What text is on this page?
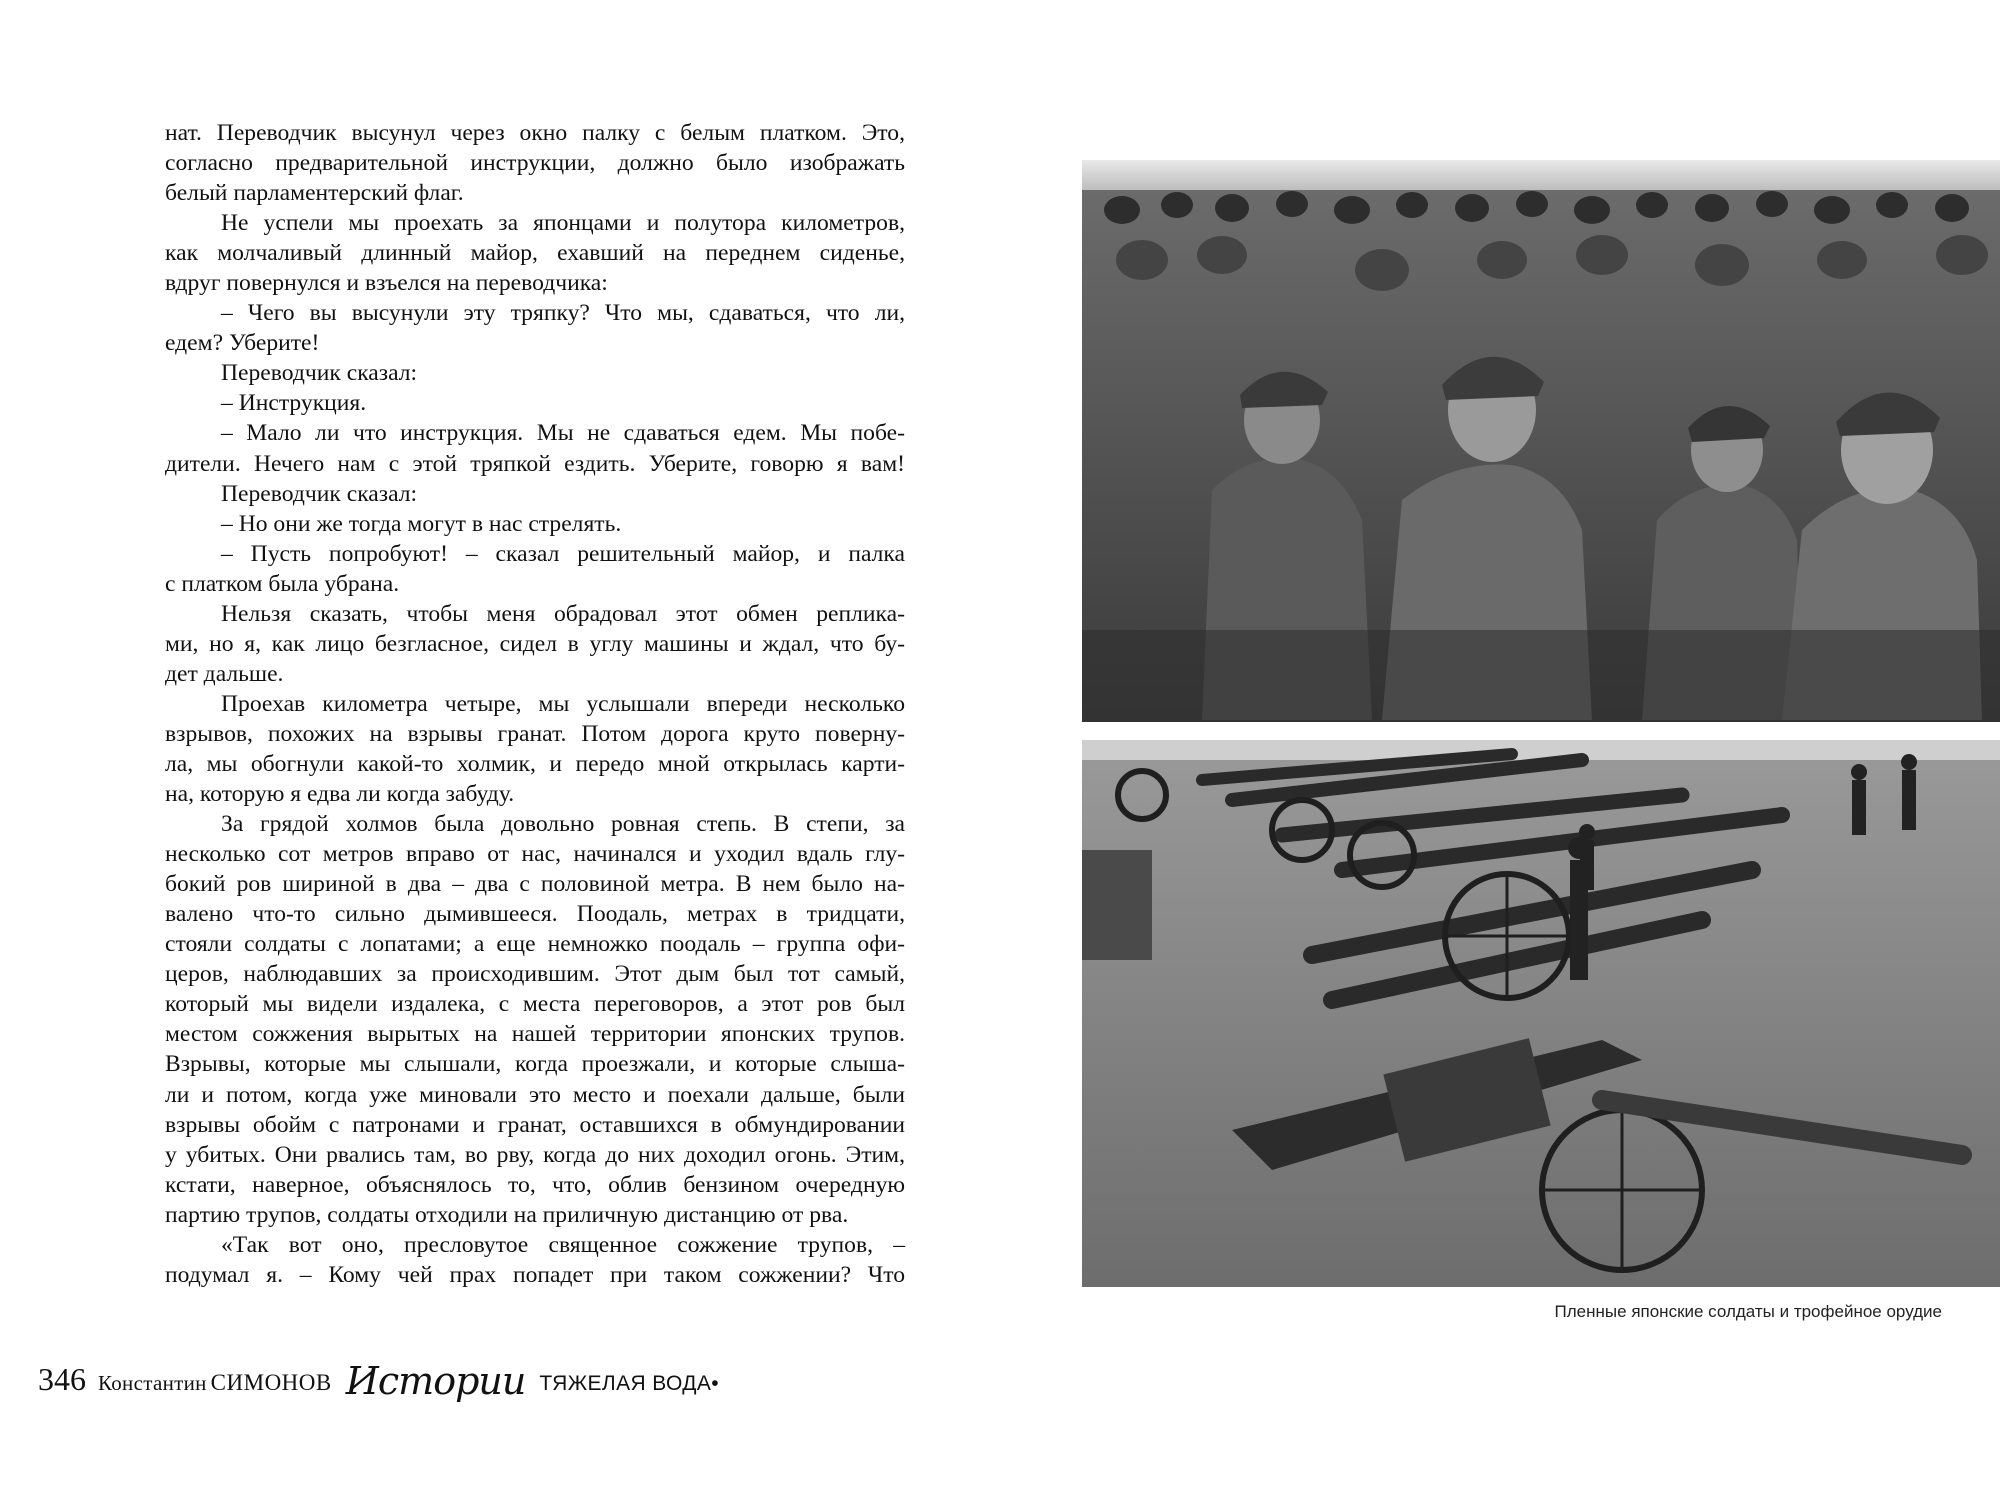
нат. Переводчик высунул через окно палку с белым платком. Это,
согласно предварительной инструкции, должно было изображать
белый парламентерский флаг.
Не успели мы проехать за японцами и полутора километров,
как молчаливый длинный майор, ехавший на переднем сиденье,
вдруг повернулся и взъелся на переводчика:
– Чего вы высунули эту тряпку? Что мы, сдаваться, что ли,
едем? Уберите!
Переводчик сказал:
– Инструкция.
– Мало ли что инструкция. Мы не сдаваться едем. Мы побе-
дители. Нечего нам с этой тряпкой ездить. Уберите, говорю я вам!
Переводчик сказал:
– Но они же тогда могут в нас стрелять.
– Пусть попробуют! – сказал решительный майор, и палка
с платком была убрана.
Нельзя сказать, чтобы меня обрадовал этот обмен реплика-
ми, но я, как лицо безгласное, сидел в углу машины и ждал, что бу-
дет дальше.
Проехав километра четыре, мы услышали впереди несколько
взрывов, похожих на взрывы гранат. Потом дорога круто поверну-
ла, мы обогнули какой-то холмик, и передо мной открылась карти-
на, которую я едва ли когда забуду.
За грядой холмов была довольно ровная степь. В степи, за
несколько сот метров вправо от нас, начинался и уходил вдаль глу-
бокий ров шириной в два – два с половиной метра. В нем было на-
валено что-то сильно дымившееся. Поодаль, метрах в тридцати,
стояли солдаты с лопатами; а еще немножко поодаль – группа офи-
церов, наблюдавших за происходившим. Этот дым был тот самый,
который мы видели издалека, с места переговоров, а этот ров был
местом сожжения вырытых на нашей территории японских трупов.
Взрывы, которые мы слышали, когда проезжали, и которые слыша-
ли и потом, когда уже миновали это место и поехали дальше, были
взрывы обойм с патронами и гранат, оставшихся в обмундировании
у убитых. Они рвались там, во рву, когда до них доходил огонь. Этим,
кстати, наверное, объяснялось то, что, облив бензином очередную
партию трупов, солдаты отходили на приличную дистанцию от рва.
«Так вот оно, пресловутое священное сожжение трупов, –
подумал я. – Кому чей прах попадет при таком сожжении? Что
346 Константин СИМОНОВ Истории ТЯЖЕЛАЯ ВОДА•
Пленные японские солдаты и трофейное орудие
